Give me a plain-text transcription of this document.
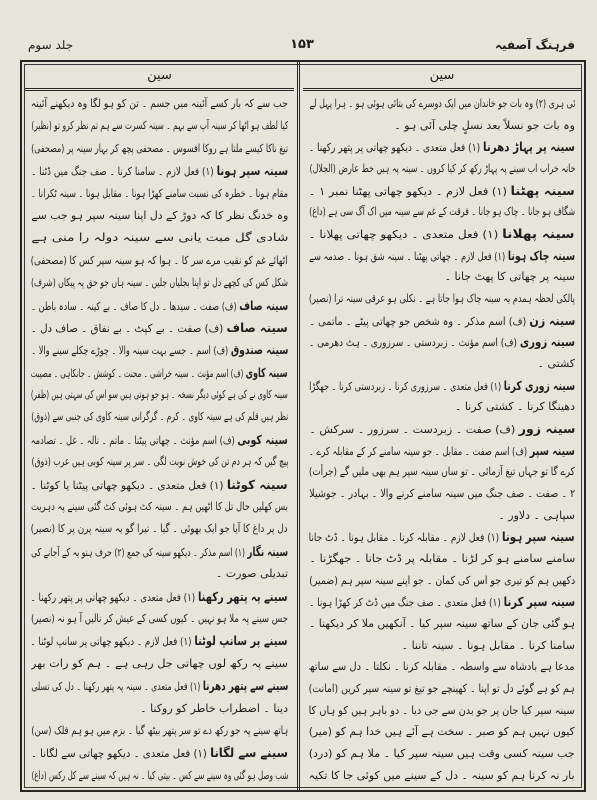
فرہنگ آصفیہ
۱۵۳
جلد سوم
سین
ئی ہری (۲) وہ بات جو خاندان میں ایک دوسرے کی بتائی ہوئی ہو ۔ ہرا پہل لے
وہ بات جو نسلاً بعد نسلٍ چلی آئی ہو ۔
سینہ پر پہاڑ دھرنا (۱) فعل متعدی ۔ دیکھو چھاتی پر پتھر رکھنا ۔
خانہ خراب اب سینے پہ پہاڑ رکھ کر کیا کروں ۔ سینہ پہ ہیں خط عارض (الجلال)
سینہ پھٹنا (۱) فعل لازم ۔ دیکھو چھاتی پھٹنا نمبر ۱ ۔
شگاف ہو جانا ۔ چاک ہو جانا ۔ فرقت کے غم سے سینہ میں اک آگ سی ہے (داغ)
سینہ پھلانا (۱) فعل متعدی ۔ دیکھو چھاتی پھلانا ۔
سینہ چاک ہونا (۱) فعل لازم ۔ چھاتی پھٹنا ۔ سینہ شق ہونا ۔ صدمہ سے
سینہ پر چھاتی کا پھٹ جانا ۔
پالکی لحظہ ہمدم یہ سینہ چاک ہوا جاتا ہے ۔ نکلی ہو عرقی سینہ ترا (نصیر)
سینہ زن (ف) اسم مذکر ۔ وہ شخص جو چھاتی پیٹے ۔ ماتمی ۔
سینہ زوری (ف) اسم مؤنث ۔ زبردستی ۔ سرزوری ۔ ہٹ دھرمی ۔
کشتی ۔
سینہ زوری کرنا (۱) فعل متعدی ۔ سرزوری کرنا ۔ زبردستی کرنا ۔ جھگڑا
دھینگا کرنا ۔ کشتی کرنا ۔
سینہ زور (ف) صفت ۔ زبردست ۔ سرزور ۔ سرکش ۔
سینہ سپر (ف) اسم صفت ۔ مقابل ۔ جو سینہ سامنے کر کے مقابلہ کرے ۔
کرے گا تو جہاں تیغ آزمائی ۔ تو ساں سینہ سپر ہم بھی ملیں گے (جرأت)
۲ ۔ صفت ۔ صف جنگ میں سینہ سامنے کرنے والا ۔ بہادر ۔ جوشیلا
سپاہی ۔ دلاور ۔
سینہ سپر ہونا (۱) فعل لازم ۔ مقابلہ کرنا ۔ مقابل ہونا ۔ ڈٹ جانا
سامنے سامنے ہو کر لڑنا ۔ مقابلہ پر ڈٹ جانا ۔ جھگڑنا ۔
دکھیں ہم کو تیری جو اس کی کمان ۔ جو اپنے سینہ سپر ہم (ضمیر)
سینہ سپر کرنا (۱) فعل متعدی ۔ صف جنگ میں ڈٹ کر کھڑا ہونا ۔
ہو گئی جان کے ساتھ سینہ سپر کیا ۔ آنکھیں ملا کر دیکھنا ۔
سامنا کرنا ۔ مقابل ہونا ۔ سینہ تاننا ۔
مدعا ہے بادشاہ سے واسطہ ۔ مقابلہ کرنا ۔ نکلتا ۔ دل سے ساتھ
ہم کو ہے گوئے دل تو اپنا ۔ کھینچے جو تیغ تو سینہ سپر کریں (امانت)
سینہ سپر کیا جان پر جو بدن سے جی دیا ۔ دو باہر ہیں کو ہاں کا
کیوں نہیں ہم کو صبر ۔ سخت ہے آئے ہیں خدا ہم کو (میر)
جب سینہ کسی وقت ہیں سینہ سپر کیا ۔ ملا ہم کو (درد)
بار نہ کرنا ہم کو سینہ ۔ دل کے سینے میں کوئی جا کا تکیہ
سین
جب سے کہ بار کسے آئینہ میں جسم ۔ تن کو ہو لگا وہ دیکھنے آئینہ
کیا لطف ہو اٹھا کر سینہ آپ سے بہم ۔ سینہ کسرت سے ہم تم نظر کرو تو (نظیر)
تیغ ناکا کیسے ملتا ہے روکا افسوس ۔ مصحفی پچھ کر بہار سینہ پر (مصحفی)
سینہ سپر ہونا (۱) فعل لازم ۔ سامنا کرنا ۔ صف جنگ میں ڈٹنا ۔
مقام ہونا ۔ خطرہ کی نسبت سامنے کھڑا ہونا ۔ مقابل ہونا ۔ سینہ ٹکرانا ۔
وہ خدنگ نظر کا کہ دوڑ کے دل اپنا سینہ سپر ہو جب سے
شادی گل مبت یانی سے سینہ دولہ را منی ہے
اٹھائے غم کو نقیب مرے سر کا ۔ ہوا کہ ہو سینہ سپر کس کا (مصحفی)
شکل کس کی کچھے دل تو اپنا بجلیاں جلیں ۔ سینہ ہاں جو حق پہ پیکاں (شرف)
سینہ صاف (ف) صفت ۔ سیدھا ۔ دل کا صاف ۔ بے کینہ ۔ سادہ باطن ۔
سینہ صاف (ف) صفت ۔ بے کپٹ ۔ بے نفاق ۔ صاف دل ۔
سینہ صندوق (ف) اسم ۔ جسے بہت سینہ والا ۔ چوڑے چکلے سینے والا ۔
سینہ کاوی (ف) اسم مؤنث ۔ سینہ خراشی ۔ محنت ۔ کوشش ۔ جانکاہی ۔ مصیبت
سینہ کاوی نے کی ہے کوئی دیگر نسخہ ۔ ہو جو ہوتی ہیں سو اس کی سہتی ہیں (ظفر)
نظر ہیں قلم کی ہے سینہ کاوی ۔ کرم ۔ گرگرانی سینہ کاوی کی جنبی سے (ذوق)
سینہ کوبی (ف) اسم مؤنث ۔ چھاتی پیٹنا ۔ ماتم ۔ نالہ ۔ غل ۔ تصادمہ
پیچ گیں کہ ہر دم تن کی خوش نوبت لگی ۔ سر پر سینہ کوبی ہیں عرب (ذوق)
سینہ کوٹنا (۱) فعل متعدی ۔ دیکھو چھاتی پیٹنا یا کوٹنا ۔
بس کھلیں حال تل کا اٹھیں ہم ۔ سینہ کٹ ہوئی کٹ گئی سینے پہ دہریت
دل پر داغ کا آیا جو ایک بھوئی ۔ گیا ۔ تیرا گو یہ سینہ پرن پر کا (نصیر)
سینہ نگار (۱) اسم مذکر ۔ دیکھو سینہ کی جمع (۲) حرف ہنو یہ کے آجانے کی
تبدیلی صورت ۔
سینے پہ پتھر رکھنا (۱) فعل متعدی ۔ دیکھو چھاتی پر پتھر رکھنا ۔
جس سینے پہ ملا ہو نہیں ۔ کیوں کسی کے عیش کر نالیں آ ہو نہ (نصیر)
سینے پر سانپ لوٹنا (۱) فعل لازم ۔ دیکھو چھاتی پر سانپ لوٹنا ۔
سینے پہ رکھ لوں چھاتی جل رہی ہے ۔ ہم کو رات بھر
سینے سے پتھر دھرنا (۱) فعل متعدی ۔ سینہ پہ پتھر رکھنا ۔ دل کی تسلی
دینا ۔ اضطراب خاطر کو روکنا ۔
ہاتھ سینے پہ جو رکھ دے تو سر پتھر بیٹھ گیا ۔ بزم میں ہو ہم فلک (سن)
سینے سے لگانا (۱) فعل متعدی ۔ دیکھو چھاتی سے لگانا ۔
شب وصل ہو گئی وہ سینے سے کس ۔ بیتی کیا ۔ نہ ہیں کہ سینے سے کل رکس (داغ)
